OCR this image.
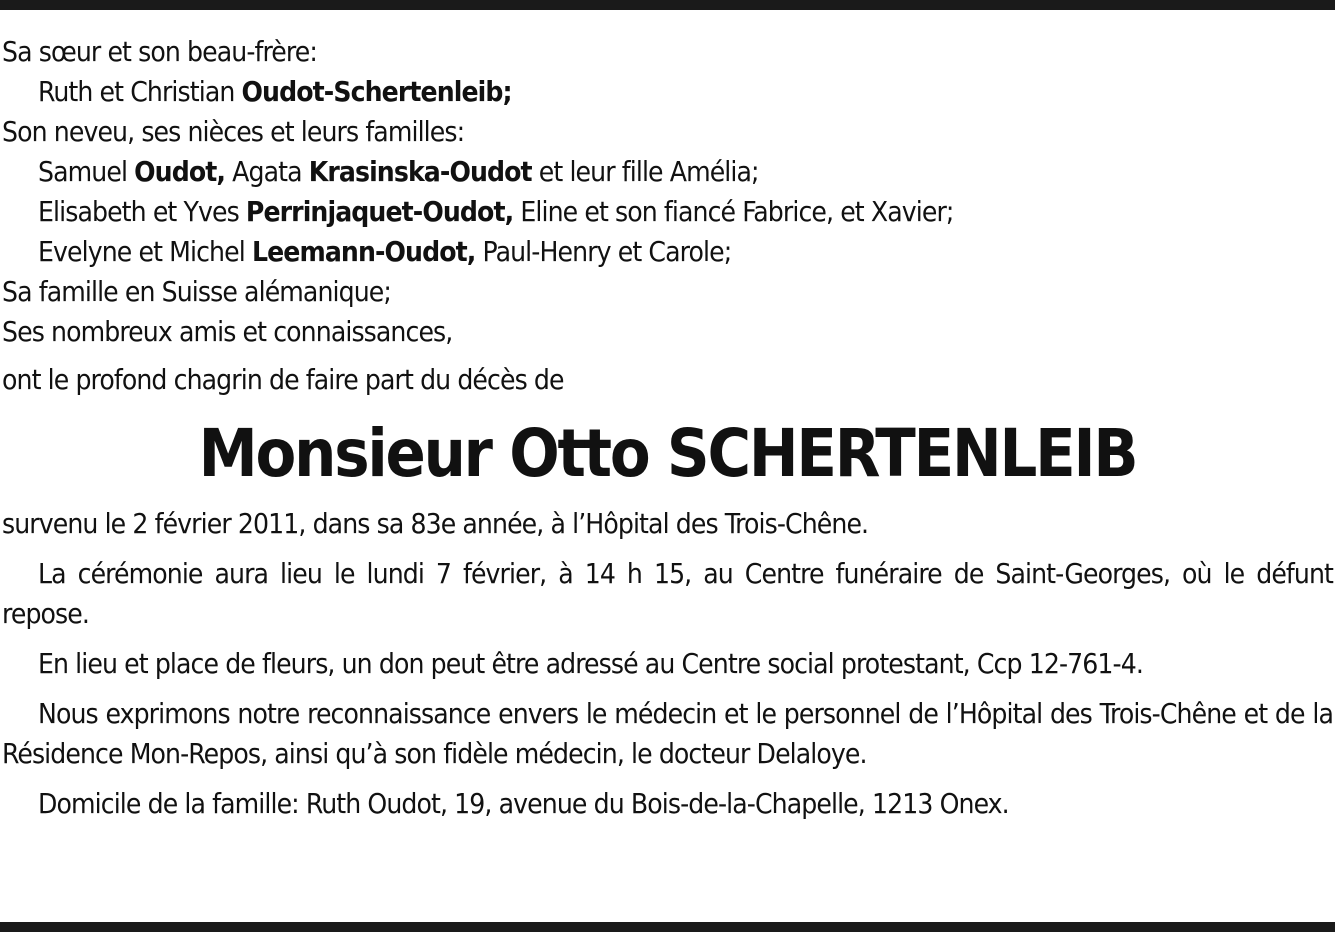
Sa sœur et son beau-frère:

Ruth et Christian Oudot-Schertenleib;

Son neveu, ses nièces et leurs familles:

Samuel Oudot, Agata Krasinska-Oudot et leur fille Amélia;

Elisabeth et Yves Perrinjaquet-Oudot, Eline et son fiancé Fabrice, et Xavier;

Evelyne et Michel Leemann-Oudot, Paul-Henry et Carole;

Sa famille en Suisse alémanique;

Ses nombreux amis et connaissances,

ont le profond chagrin de faire part du décès de

Monsieur Otto SCHERTENLEIB

survenu le 2 février 2011, dans sa 83e année, à l’Hôpital des Trois-Chêne.

La cérémonie aura lieu le lundi 7 février, à 14 h 15, au Centre funéraire de Saint-Georges, où le défunt repose.

En lieu et place de fleurs, un don peut être adressé au Centre social protestant, Ccp 12-761-4.

Nous exprimons notre reconnaissance envers le médecin et le personnel de l’Hôpital des Trois-Chêne et de la Résidence Mon-Repos, ainsi qu’à son fidèle médecin, le docteur Delaloye.

Domicile de la famille: Ruth Oudot, 19, avenue du Bois-de-la-Chapelle, 1213 Onex.
